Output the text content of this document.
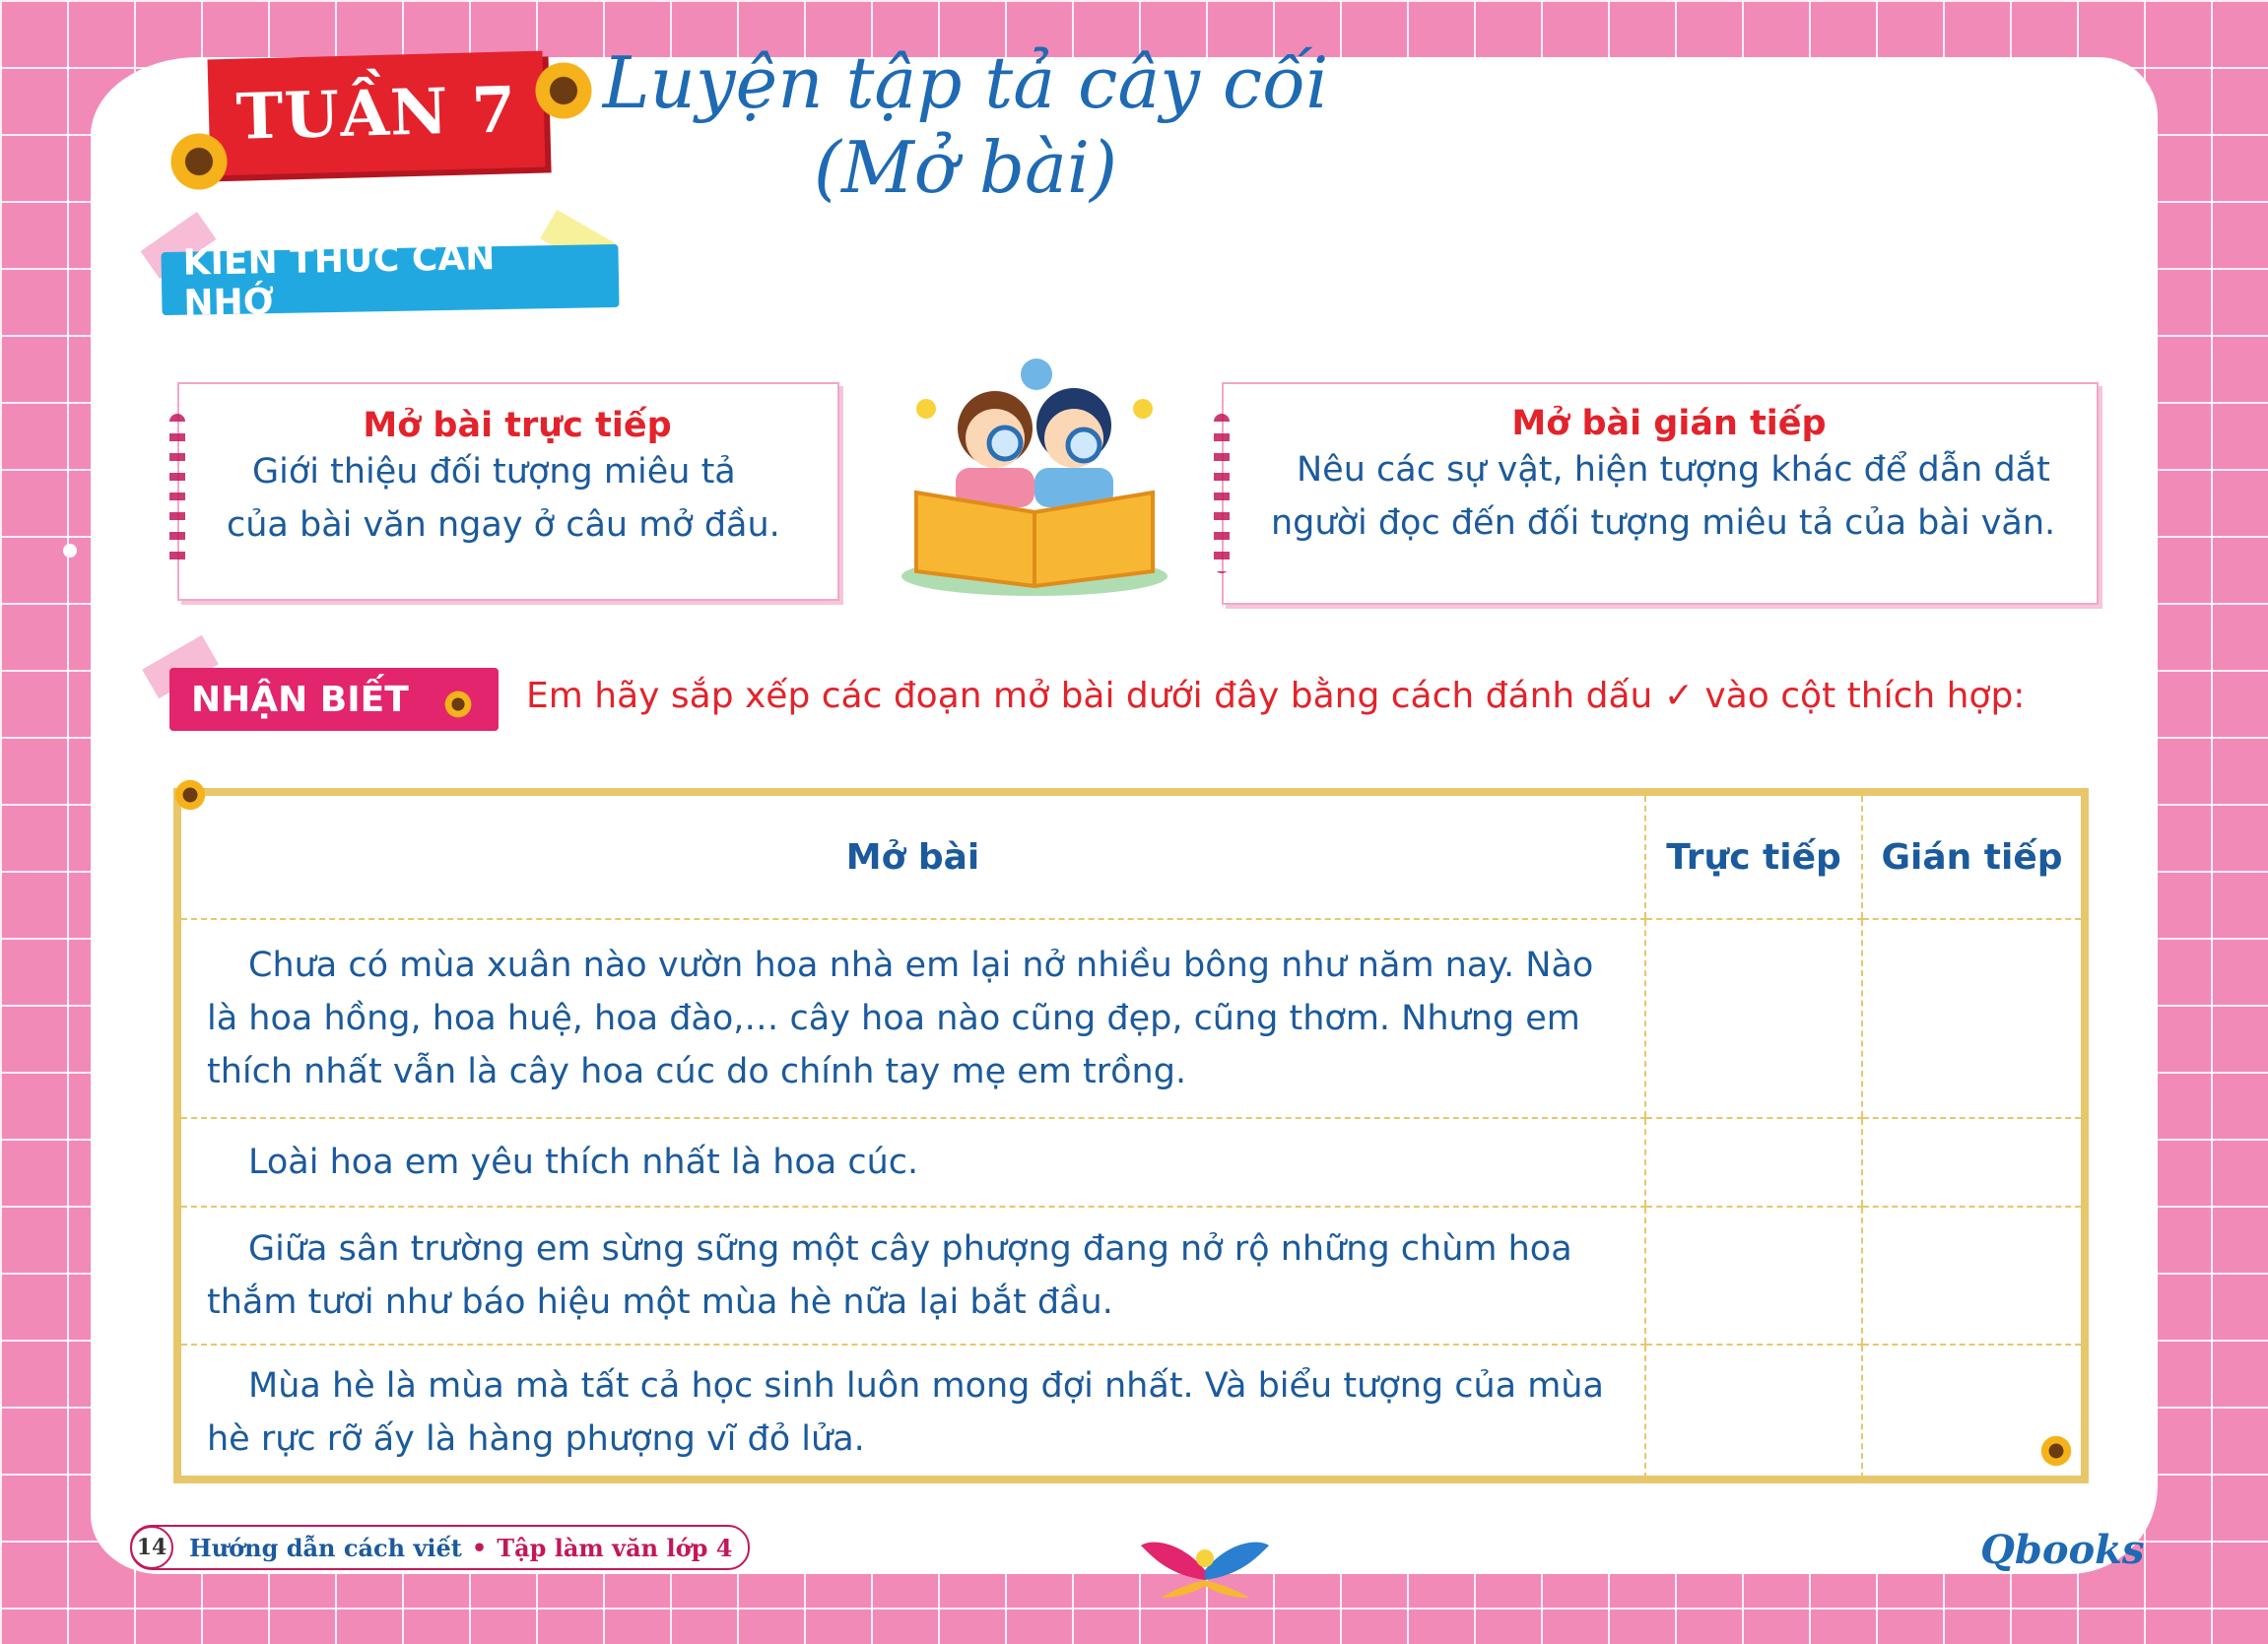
TUẦN 7	Luyện tập tả cây cối
(Mở bài)
KIẾN THỨC CẦN NHỚ
Mở bài trực tiếp

Giới thiệu đối tượng miêu tả của bài văn ngay ở câu mở đầu.

Mở bài gián tiếp

Nêu các sự vật, hiện tượng khác để dẫn dắt người đọc đến đối tượng miêu tả của bài văn.

NHẬN BIẾT	Em hãy sắp xếp các đoạn mở bài dưới đây bằng cách đánh dấu ✓ vào cột thích hợp:
Mở bài	Trực tiếp	Gián tiếp
Chưa có mùa xuân nào vườn hoa nhà em lại nở nhiều bông như năm nay. Nào là hoa hồng, hoa huệ, hoa đào,… cây hoa nào cũng đẹp, cũng thơm. Nhưng em thích nhất vẫn là cây hoa cúc do chính tay mẹ em trồng.		
Loài hoa em yêu thích nhất là hoa cúc.		
Giữa sân trường em sừng sững một cây phượng đang nở rộ những chùm hoa thắm tươi như báo hiệu một mùa hè nữa lại bắt đầu.		
Mùa hè là mùa mà tất cả học sinh luôn mong đợi nhất. Và biểu tượng của mùa hè rực rỡ ấy là hàng phượng vĩ đỏ lửa.		
14 Hướng dẫn cách viết • Tập làm văn lớp 4	Qbooks
